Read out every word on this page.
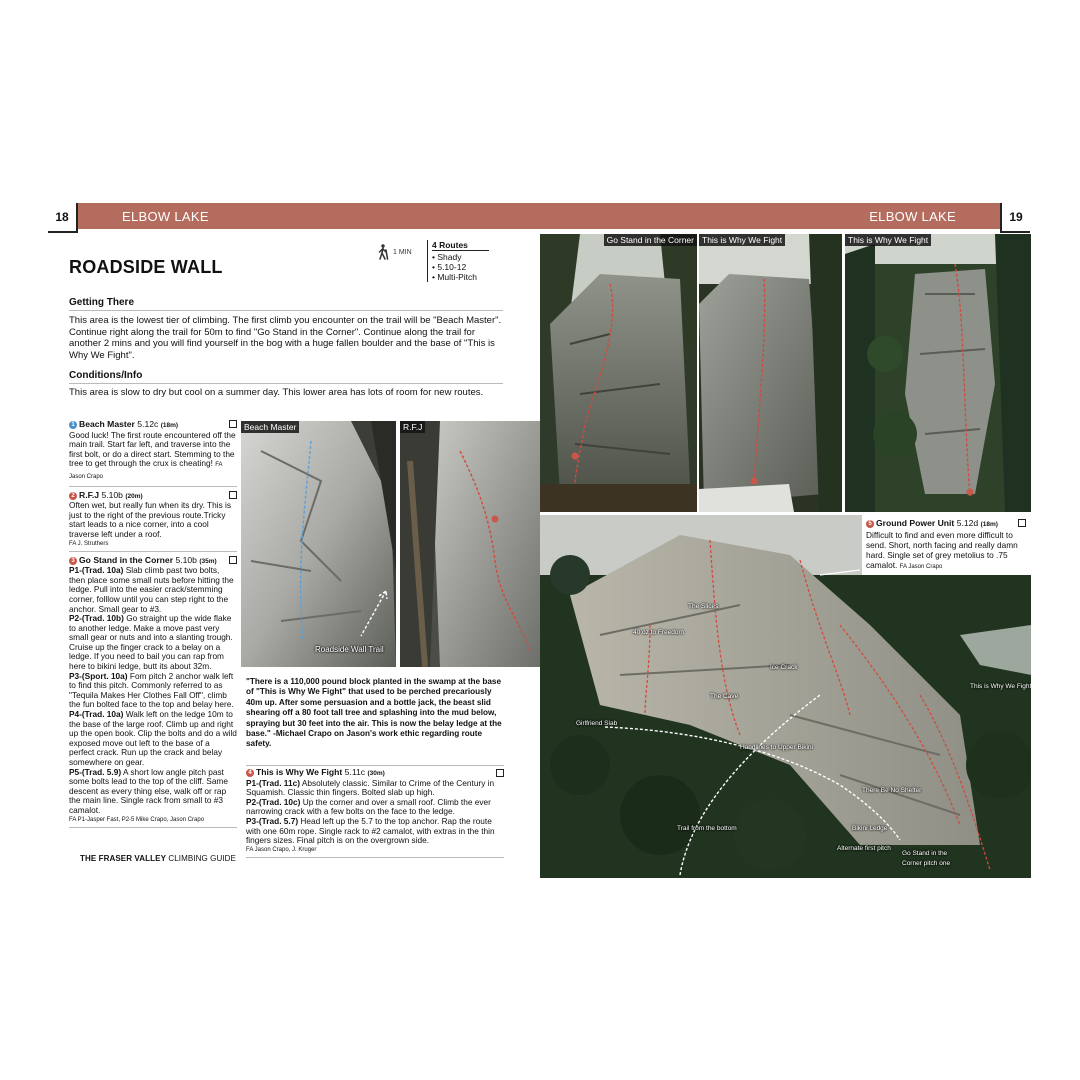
18	19
ELBOW LAKE	ELBOW LAKE
ROADSIDE WALL
1 MIN
4 Routes
• Shady
• 5.10-12
• Multi-Pitch
Getting There
This area is the lowest tier of climbing. The first climb you encounter on the trail will be "Beach Master". Continue right along the trail for 50m to find "Go Stand in the Corner". Continue along the trail for another 2 mins and you will find yourself in the bog with a huge fallen boulder and the base of "This is Why We Fight".
Conditions/Info
This area is slow to dry but cool on a summer day. This lower area has lots of room for new routes.
1 Beach Master 5.12c (18m)
Good luck! The first route encountered off the main trail. Start far left, and traverse into the first bolt, or do a direct start. Stemming to the tree to get through the crux is cheating! FA Jason Crapo
2 R.F.J 5.10b (20m)
Often wet, but really fun when its dry. This is just to the right of the previous route.Tricky start leads to a nice corner, into a cool traverse left under a roof.
FA J. Struthers
3 Go Stand in the Corner 5.10b (35m)
P1-(Trad. 10a) Slab climb past two bolts, then place some small nuts before hitting the ledge. Pull into the easier crack/stemming corner, folllow until you can step right to the anchor. Small gear to #3.
P2-(Trad. 10b) Go straight up the wide flake to another ledge. Make a move past very small gear or nuts and into a slanting trough. Cruise up the finger crack to a belay on a ledge. If you need to bail you can rap from here to bikini ledge, butt its about 32m.
P3-(Sport. 10a) Fom pitch 2 anchor walk left to find this pitch. Commonly referred to as "Tequila Makes Her Clothes Fall Off", climb the fun bolted face to the top and belay here.
P4-(Trad. 10a) Walk left on the ledge 10m to the base of the large roof. Climb up and right up the open book. Clip the bolts and do a wild exposed move out left to the base of a perfect crack. Run up the crack and belay somewhere on gear.
P5-(Trad. 5.9) A short low angle pitch past some bolts lead to the top of the cliff. Same descent as every thing else, walk off or rap the main line. Single rack from small to #3 camalot.
FA P1-Jasper Fast, P2-5 Mike Crapo, Jason Crapo
THE FRASER VALLEY CLIMBING GUIDE
Beach Master
Roadside Wall Trail
R.F.J
"There is a 110,000 pound block planted in the swamp at the base of "This is Why We Fight" that used to be perched precariously 40m up. After some persuasion and a bottle jack, the beast slid shearing off a 80 foot tall tree and splashing into the mud below, spraying but 30 feet into the air. This is now the belay ledge at the base." -Michael Crapo on Jason's work ethic regarding route safety.
4 This is Why We Fight 5.11c (30m)
P1-(Trad. 11c) Absolutely classic. Similar to Crime of the Century in Squamish. Classic thin fingers. Bolted slab up high.
P2-(Trad. 10c) Up the corner and over a small roof. Climb the ever narrowing crack with a few bolts on the face to the ledge.
P3-(Trad. 5.7) Head left up the 5.7 to the top anchor. Rap the route with one 60m rope. Single rack to #2 camalot, with extras in the thin fingers sizes. Final pitch is on the overgrown side.
FA Jason Crapo, J. Kruger
Go Stand in the Corner This is Why We Fight	This is Why We Fight
The Slices
40 oz to Freedom
Ice Crack
The Cave
Girlfriend Slab
Handlines to Upper Bikini
This is Why We Fight
There Be No Shelter
Trail from the bottom	Bikini Ledge
Alternate first pitch
Go Stand in the
Corner pitch one
5 Ground Power Unit 5.12d (18m)
Difficult to find and even more difficult to send. Short, north facing and really damn hard. Single set of grey metolius to .75 camalot. FA Jason Crapo
